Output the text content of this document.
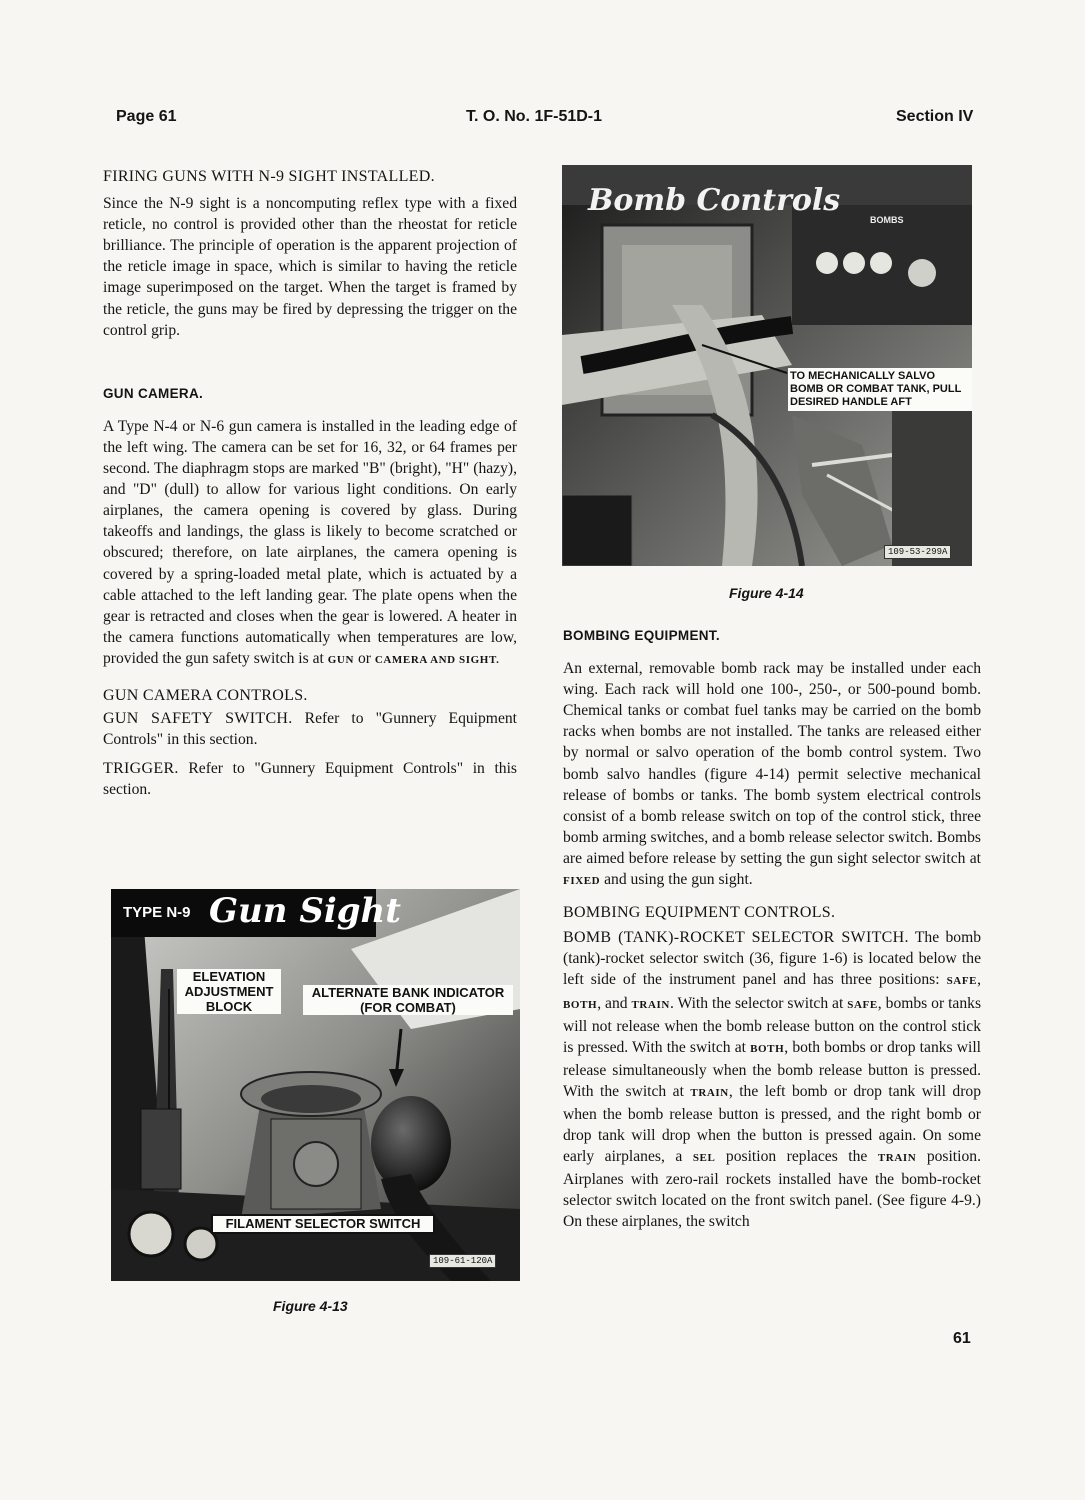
Page 61	T. O. No. 1F-51D-1	Section IV

FIRING GUNS WITH N-9 SIGHT INSTALLED.

Since the N-9 sight is a noncomputing reflex type with a fixed reticle, no control is provided other than the rheostat for reticle brilliance. The principle of operation is the apparent projection of the reticle image in space, which is similar to having the reticle image superimposed on the target. When the target is framed by the reticle, the guns may be fired by depressing the trigger on the control grip.

GUN CAMERA.

A Type N-4 or N-6 gun camera is installed in the leading edge of the left wing. The camera can be set for 16, 32, or 64 frames per second. The diaphragm stops are marked "B" (bright), "H" (hazy), and "D" (dull) to allow for various light conditions. On early airplanes, the camera opening is covered by glass. During takeoffs and landings, the glass is likely to become scratched or obscured; therefore, on late airplanes, the camera opening is covered by a spring-loaded metal plate, which is actuated by a cable attached to the left landing gear. The plate opens when the gear is retracted and closes when the gear is lowered. A heater in the camera functions automatically when temperatures are low, provided the gun safety switch is at GUN or CAMERA AND SIGHT.

GUN CAMERA CONTROLS.

GUN SAFETY SWITCH. Refer to "Gunnery Equipment Controls" in this section.

TRIGGER. Refer to "Gunnery Equipment Controls" in this section.

TYPE N-9 Gun Sight
ELEVATION ADJUSTMENT BLOCK
ALTERNATE BANK INDICATOR (FOR COMBAT)
FILAMENT SELECTOR SWITCH
109-61-120A
Figure 4-13
Bomb Controls
BOMBS
TO MECHANICALLY SALVO BOMB OR COMBAT TANK, PULL DESIRED HANDLE AFT
109-53-299A
Figure 4-14

BOMBING EQUIPMENT.

An external, removable bomb rack may be installed under each wing. Each rack will hold one 100-, 250-, or 500-pound bomb. Chemical tanks or combat fuel tanks may be carried on the bomb racks when bombs are not installed. The tanks are released either by normal or salvo operation of the bomb control system. Two bomb salvo handles (figure 4-14) permit selective mechanical release of bombs or tanks. The bomb system electrical controls consist of a bomb release switch on top of the control stick, three bomb arming switches, and a bomb release selector switch. Bombs are aimed before release by setting the gun sight selector switch at FIXED and using the gun sight.

BOMBING EQUIPMENT CONTROLS.

BOMB (TANK)-ROCKET SELECTOR SWITCH. The bomb (tank)-rocket selector switch (36, figure 1-6) is located below the left side of the instrument panel and has three positions: SAFE, BOTH, and TRAIN. With the selector switch at SAFE, bombs or tanks will not release when the bomb release button on the control stick is pressed. With the switch at BOTH, both bombs or drop tanks will release simultaneously when the bomb release button is pressed. With the switch at TRAIN, the left bomb or drop tank will drop when the bomb release button is pressed, and the right bomb or drop tank will drop when the button is pressed again. On some early airplanes, a SEL position replaces the TRAIN position. Airplanes with zero-rail rockets installed have the bomb-rocket selector switch located on the front switch panel. (See figure 4-9.) On these airplanes, the switch

61
